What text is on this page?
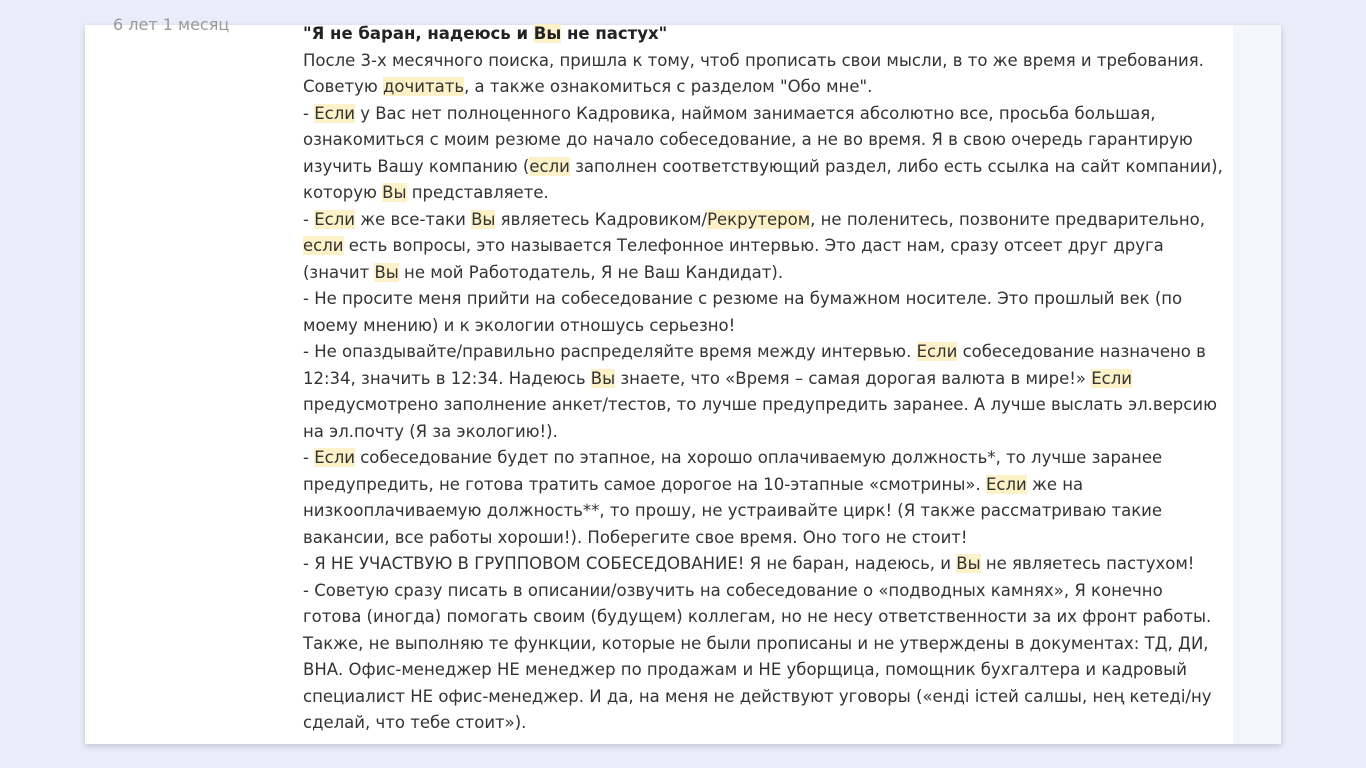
6 лет 1 месяц	"Я не баран, надеюсь и Вы не пастух"
После 3-х месячного поиска, пришла к тому, чтоб прописать свои мысли, в то же время и требования.
Советую дочитать, а также ознакомиться с разделом "Обо мне".
- Если у Вас нет полноценного Кадровика, наймом занимается абсолютно все, просьба большая,
ознакомиться с моим резюме до начало собеседование, а не во время. Я в свою очередь гарантирую
изучить Вашу компанию (если заполнен соответствующий раздел, либо есть ссылка на сайт компании),
которую Вы представляете.
- Если же все-таки Вы являетесь Кадровиком/Рекрутером, не поленитесь, позвоните предварительно,
если есть вопросы, это называется Телефонное интервью. Это даст нам, сразу отсеет друг друга
(значит Вы не мой Работодатель, Я не Ваш Кандидат).
- Не просите меня прийти на собеседование с резюме на бумажном носителе. Это прошлый век (по
моему мнению) и к экологии отношусь серьезно!
- Не опаздывайте/правильно распределяйте время между интервью. Если собеседование назначено в
12:34, значить в 12:34. Надеюсь Вы знаете, что «Время – самая дорогая валюта в мире!» Если
предусмотрено заполнение анкет/тестов, то лучше предупредить заранее. А лучше выслать эл.версию
на эл.почту (Я за экологию!).
- Если собеседование будет по этапное, на хорошо оплачиваемую должность*, то лучше заранее
предупредить, не готова тратить самое дорогое на 10-этапные «смотрины». Если же на
низкооплачиваемую должность**, то прошу, не устраивайте цирк! (Я также рассматриваю такие
вакансии, все работы хороши!). Поберегите свое время. Оно того не стоит!
- Я НЕ УЧАСТВУЮ В ГРУППОВОМ СОБЕСЕДОВАНИЕ! Я не баран, надеюсь, и Вы не являетесь пастухом!
- Советую сразу писать в описании/озвучить на собеседование о «подводных камнях», Я конечно
готова (иногда) помогать своим (будущем) коллегам, но не несу ответственности за их фронт работы.
Также, не выполняю те функции, которые не были прописаны и не утверждены в документах: ТД, ДИ,
ВНА. Офис-менеджер НЕ менеджер по продажам и НЕ уборщица, помощник бухгалтера и кадровый
специалист НЕ офис-менеджер. И да, на меня не действуют уговоры («енді істей салшы, нең кетеді/ну
сделай, что тебе стоит»).
